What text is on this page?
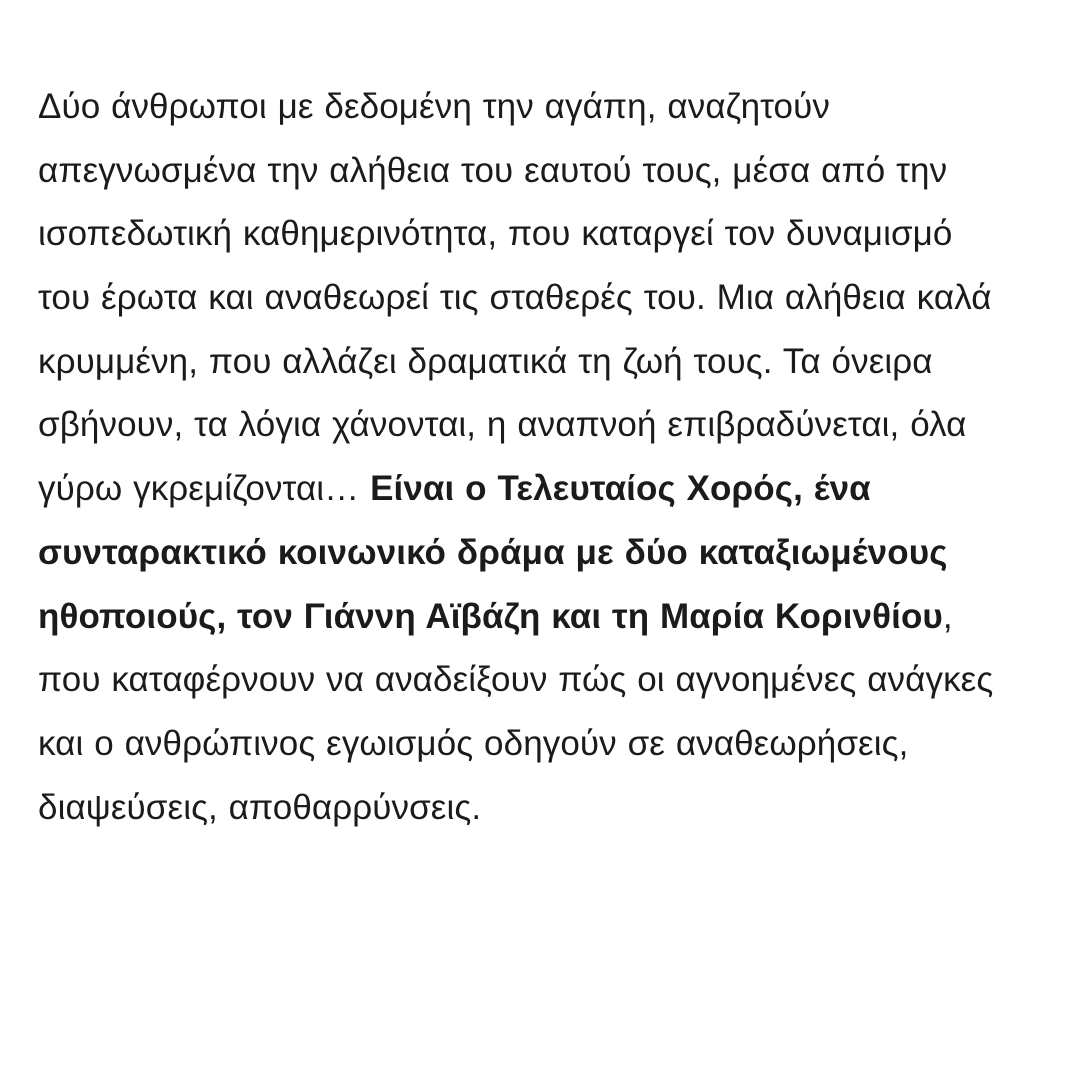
Δύο άνθρωποι με δεδομένη την αγάπη, αναζητούν απεγνωσμένα την αλήθεια του εαυτού τους, μέσα από την ισοπεδωτική καθημερινότητα, που καταργεί τον δυναμισμό του έρωτα και αναθεωρεί τις σταθερές του. Μια αλήθεια καλά κρυμμένη, που αλλάζει δραματικά τη ζωή τους. Τα όνειρα σβήνουν, τα λόγια χάνονται, η αναπνοή επιβραδύνεται, όλα γύρω γκρεμίζονται… Είναι ο Τελευταίος Χορός, ένα συνταρακτικό κοινωνικό δράμα με δύο καταξιωμένους ηθοποιούς, τον Γιάννη Αϊβάζη και τη Μαρία Κορινθίου, που καταφέρνουν να αναδείξουν πώς οι αγνοημένες ανάγκες και ο ανθρώπινος εγωισμός οδηγούν σε αναθεωρήσεις, διαψεύσεις, αποθαρρύνσεις.
